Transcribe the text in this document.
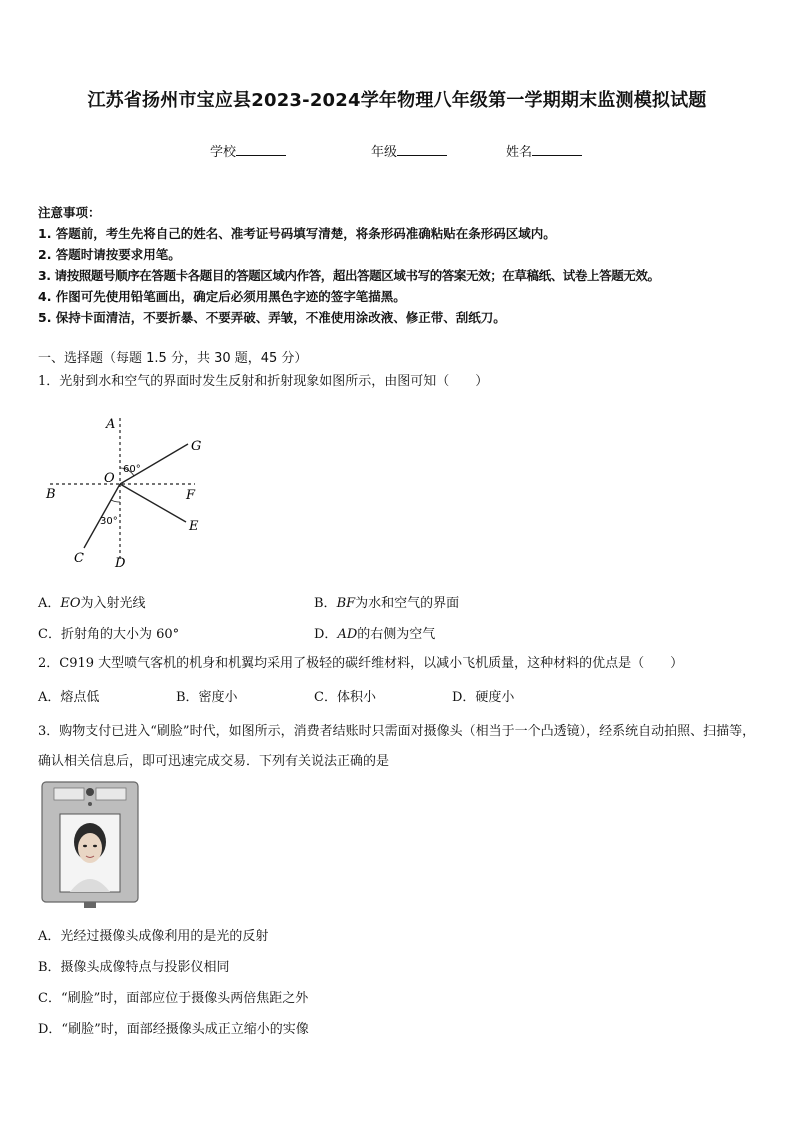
江苏省扬州市宝应县2023-2024学年物理八年级第一学期期末监测模拟试题
学校	年级	姓名
注意事项：
1. 答题前，考生先将自己的姓名、准考证号码填写清楚，将条形码准确粘贴在条形码区域内。
2. 答题时请按要求用笔。
3. 请按照题号顺序在答题卡各题目的答题区域内作答，超出答题区域书写的答案无效；在草稿纸、试卷上答题无效。
4. 作图可先使用铅笔画出，确定后必须用黑色字迹的签字笔描黑。
5. 保持卡面清洁，不要折暴、不要弄破、弄皱，不准使用涂改液、修正带、刮纸刀。
一、选择题（每题 1.5 分，共 30 题，45 分）
1．光射到水和空气的界面时发生反射和折射现象如图所示，由图可知（　　）
A
G
O
60°
B	F
30°	E
C D
A．EO为入射光线	B．BF为水和空气的界面
C．折射角的大小为 60°	D．AD的右侧为空气
2．C919 大型喷气客机的机身和机翼均采用了极轻的碳纤维材料，以减小飞机质量，这种材料的优点是（　　）
A．熔点低	B．密度小	C．体积小	D．硬度小
3．购物支付已进入“刷脸”时代，如图所示，消费者结账时只需面对摄像头（相当于一个凸透镜），经系统自动拍照、扫描等，确认相关信息后，即可迅速完成交易．下列有关说法正确的是
A．光经过摄像头成像利用的是光的反射
B．摄像头成像特点与投影仪相同
C．“刷脸”时，面部应位于摄像头两倍焦距之外
D．“刷脸”时，面部经摄像头成正立缩小的实像
